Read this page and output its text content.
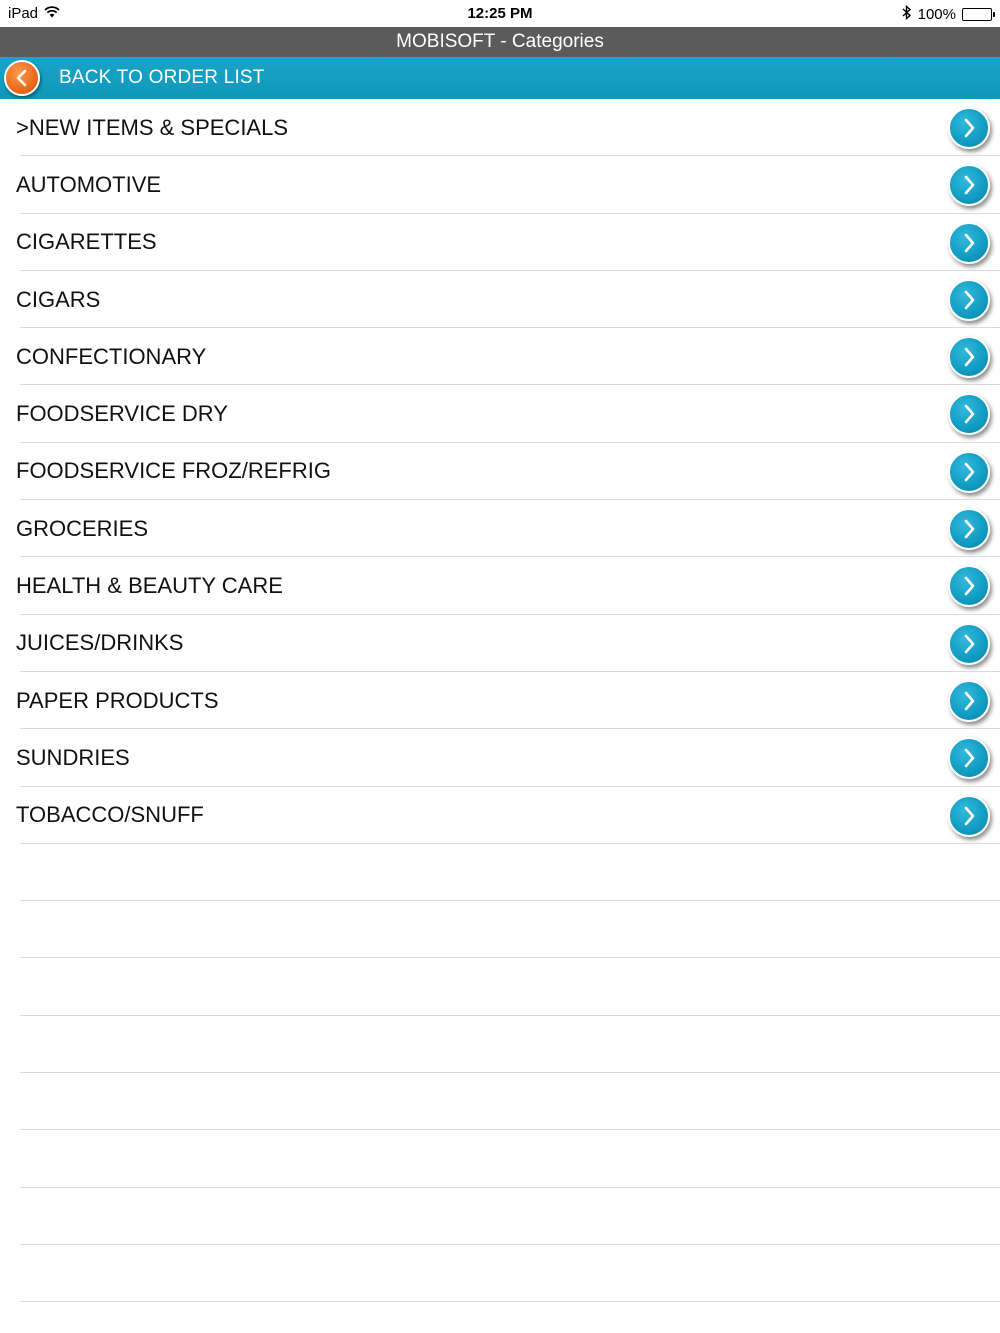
iPad	12:25 PM	100%
MOBISOFT - Categories
BACK TO ORDER LIST
>NEW ITEMS & SPECIALS
AUTOMOTIVE
CIGARETTES
CIGARS
CONFECTIONARY
FOODSERVICE DRY
FOODSERVICE FROZ/REFRIG
GROCERIES
HEALTH & BEAUTY CARE
JUICES/DRINKS
PAPER PRODUCTS
SUNDRIES
TOBACCO/SNUFF
